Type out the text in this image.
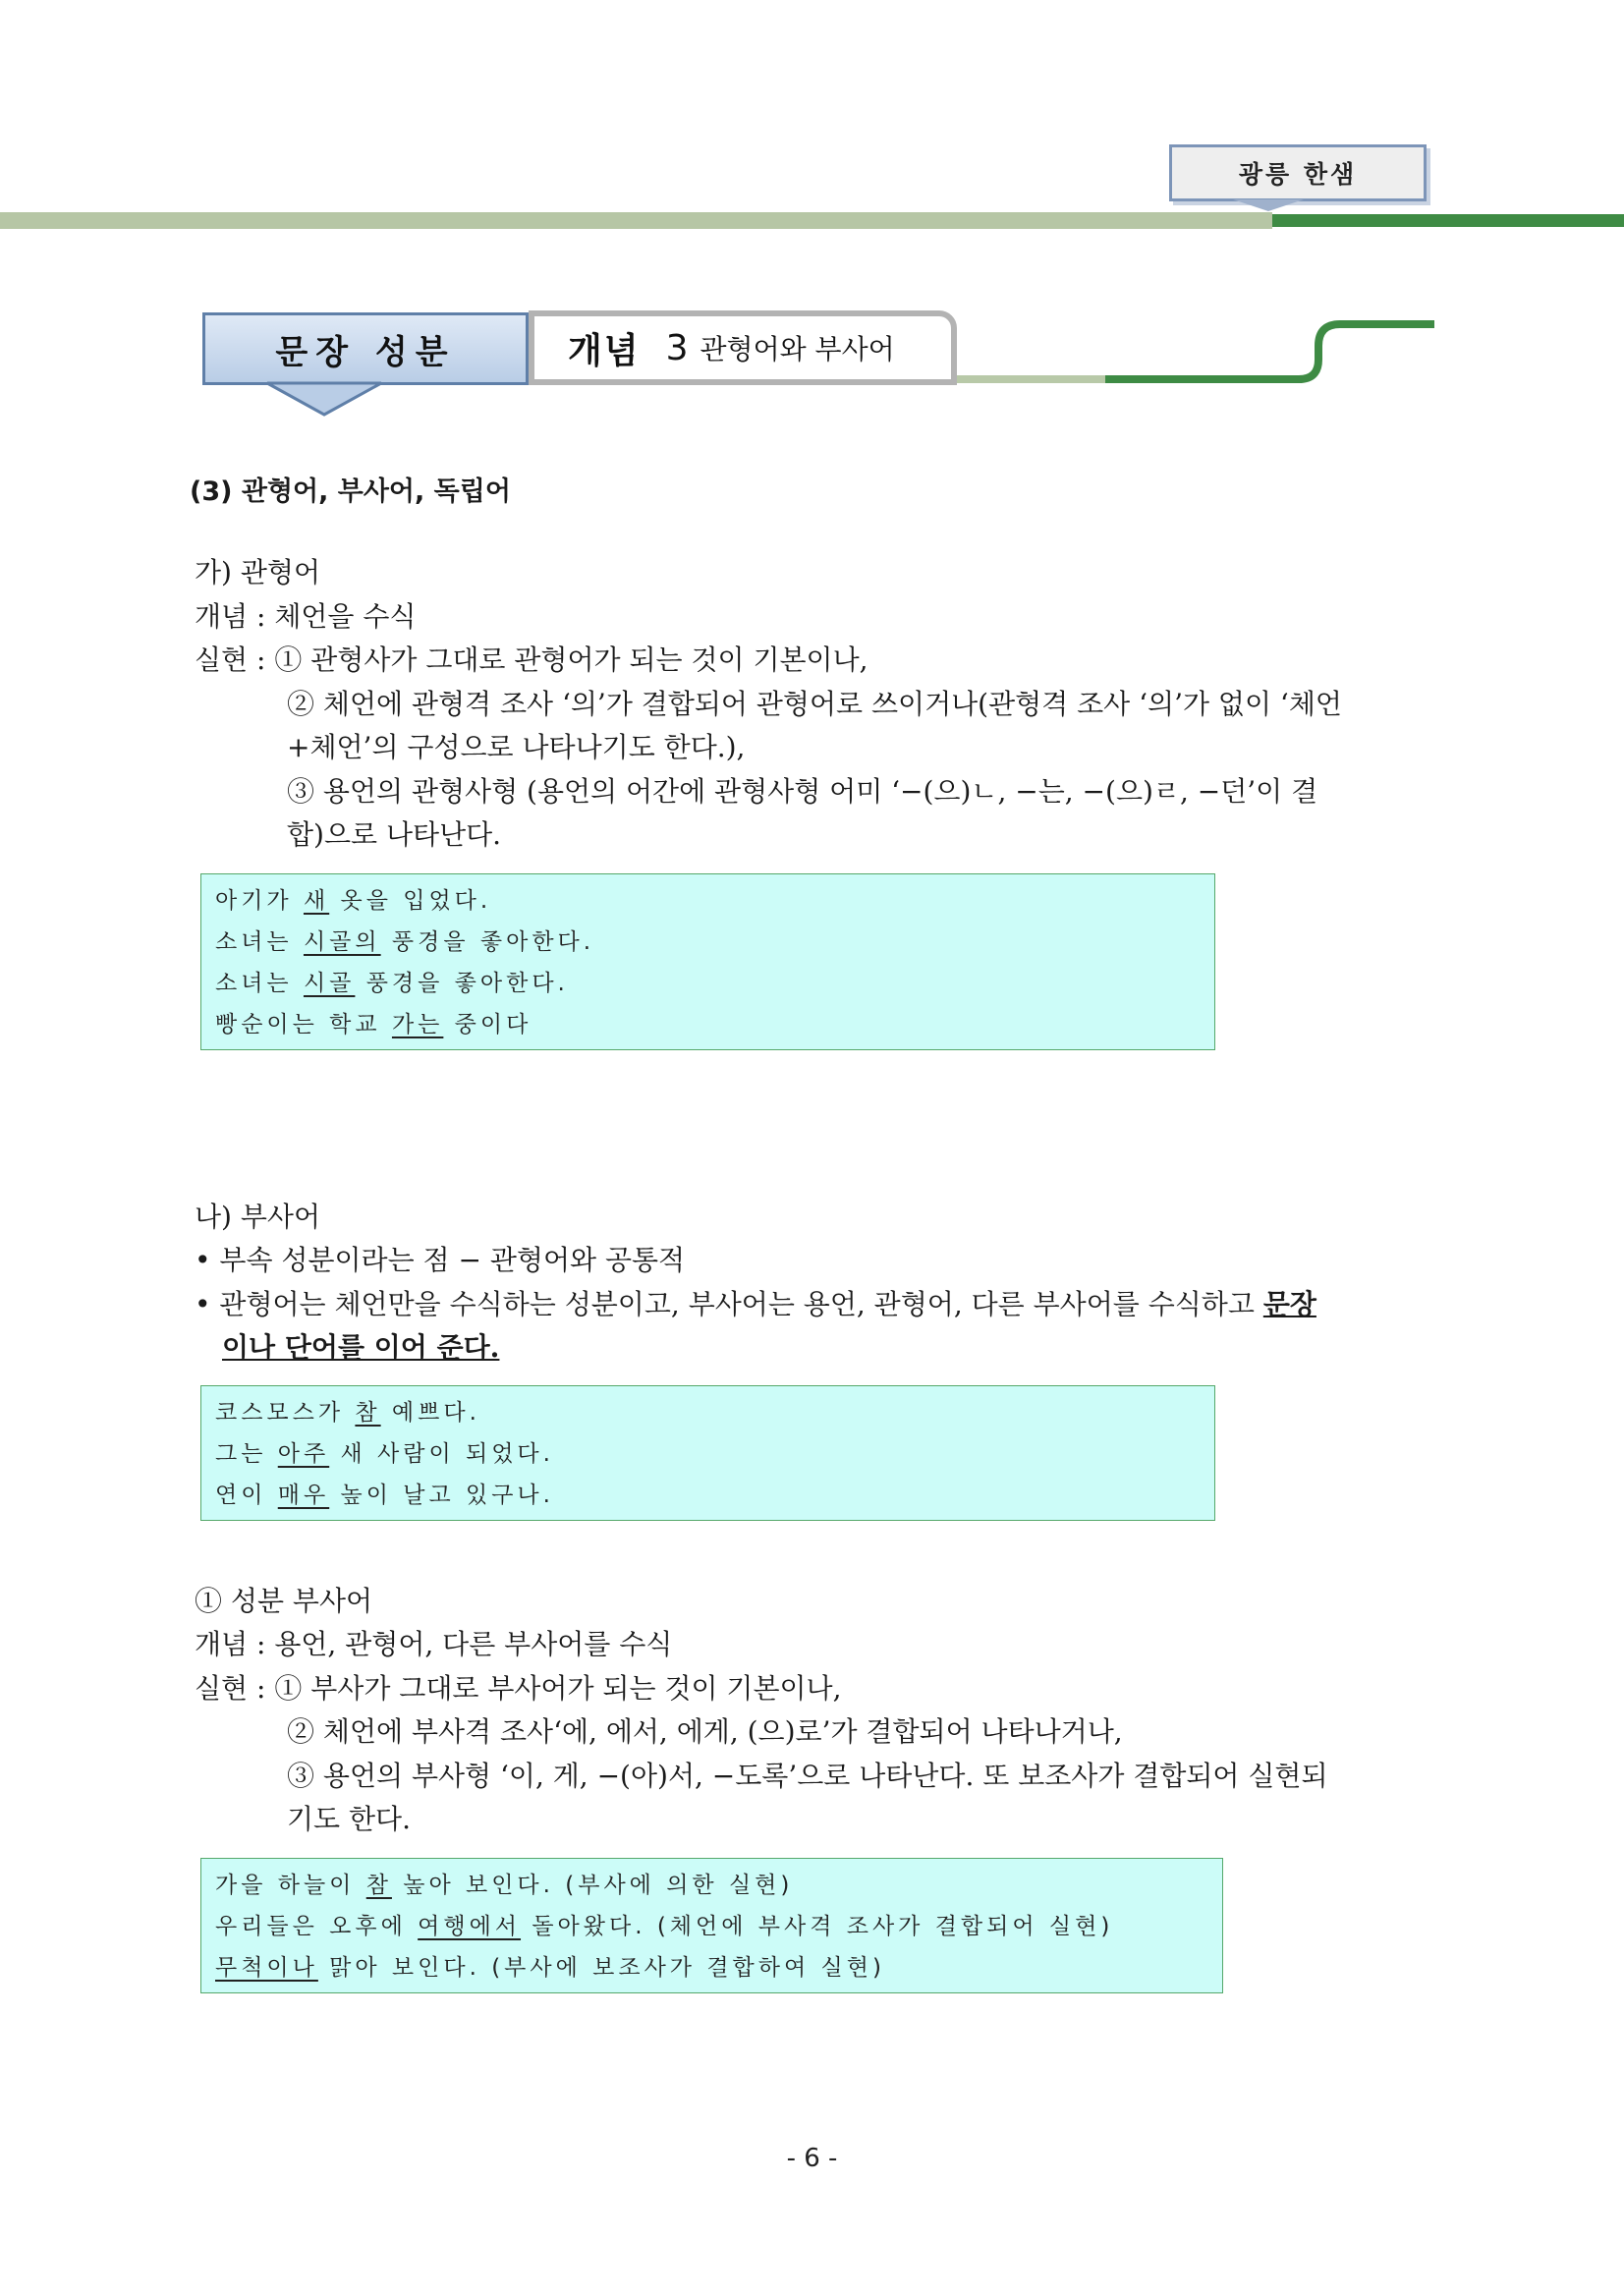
광릉 한샘
문장 성분	개념 3 관형어와 부사어
(3) 관형어, 부사어, 독립어
가) 관형어
개념 : 체언을 수식
실현 : ① 관형사가 그대로 관형어가 되는 것이 기본이나,
② 체언에 관형격 조사 ‘의’가 결합되어 관형어로 쓰이거나(관형격 조사 ‘의’가 없이 ‘체언
+체언’의 구성으로 나타나기도 한다.),
③ 용언의 관형사형 (용언의 어간에 관형사형 어미 ‘−(으)ㄴ, −는, −(으)ㄹ, −던’이 결
합)으로 나타난다.
아기가 새 옷을 입었다.
소녀는 시골의 풍경을 좋아한다.
소녀는 시골 풍경을 좋아한다.
빵순이는 학교 가는 중이다
나) 부사어
• 부속 성분이라는 점 − 관형어와 공통적
• 관형어는 체언만을 수식하는 성분이고, 부사어는 용언, 관형어, 다른 부사어를 수식하고 문장
이나 단어를 이어 준다.
코스모스가 참 예쁘다.
그는 아주 새 사람이 되었다.
연이 매우 높이 날고 있구나.
① 성분 부사어
개념 : 용언, 관형어, 다른 부사어를 수식
실현 : ① 부사가 그대로 부사어가 되는 것이 기본이나,
② 체언에 부사격 조사‘에, 에서, 에게, (으)로’가 결합되어 나타나거나,
③ 용언의 부사형 ‘이, 게, −(아)서, −도록’으로 나타난다. 또 보조사가 결합되어 실현되
기도 한다.
가을 하늘이 참 높아 보인다. (부사에 의한 실현)
우리들은 오후에 여행에서 돌아왔다. (체언에 부사격 조사가 결합되어 실현)
무척이나 맑아 보인다. (부사에 보조사가 결합하여 실현)
- 6 -
